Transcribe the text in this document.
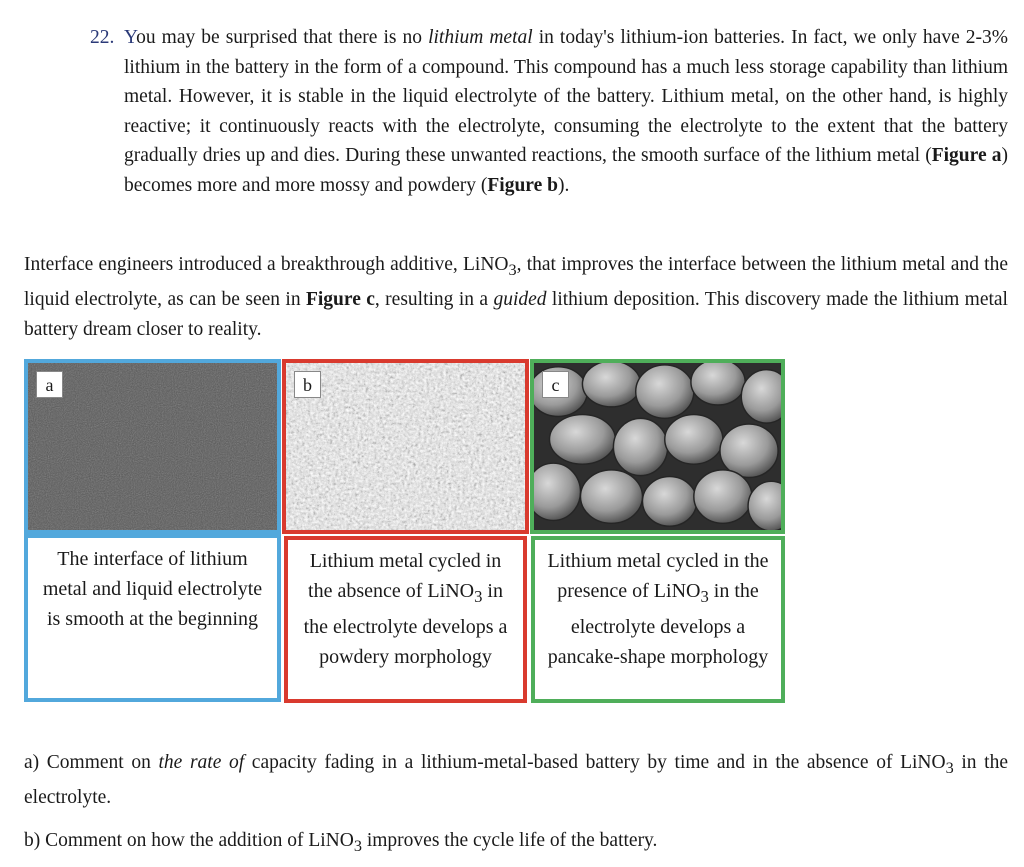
22. You may be surprised that there is no lithium metal in today's lithium-ion batteries. In fact, we only have 2-3% lithium in the battery in the form of a compound. This compound has a much less storage capability than lithium metal. However, it is stable in the liquid electrolyte of the battery. Lithium metal, on the other hand, is highly reactive; it continuously reacts with the electrolyte, consuming the electrolyte to the extent that the battery gradually dries up and dies. During these unwanted reactions, the smooth surface of the lithium metal (Figure a) becomes more and more mossy and powdery (Figure b).

Interface engineers introduced a breakthrough additive, LiNO$_3$, that improves the interface between the lithium metal and the liquid electrolyte, as can be seen in Figure c, resulting in a guided lithium deposition. This discovery made the lithium metal battery dream closer to reality.

a	b	c
The interface of lithium metal and liquid electrolyte is smooth at the beginning
Lithium metal cycled in the absence of LiNO$_3$ in the electrolyte develops a powdery morphology
Lithium metal cycled in the presence of LiNO$_3$ in the electrolyte develops a pancake-shape morphology

a) Comment on the rate of capacity fading in a lithium-metal-based battery by time and in the absence of LiNO$_3$ in the electrolyte.

b) Comment on how the addition of LiNO$_3$ improves the cycle life of the battery.
